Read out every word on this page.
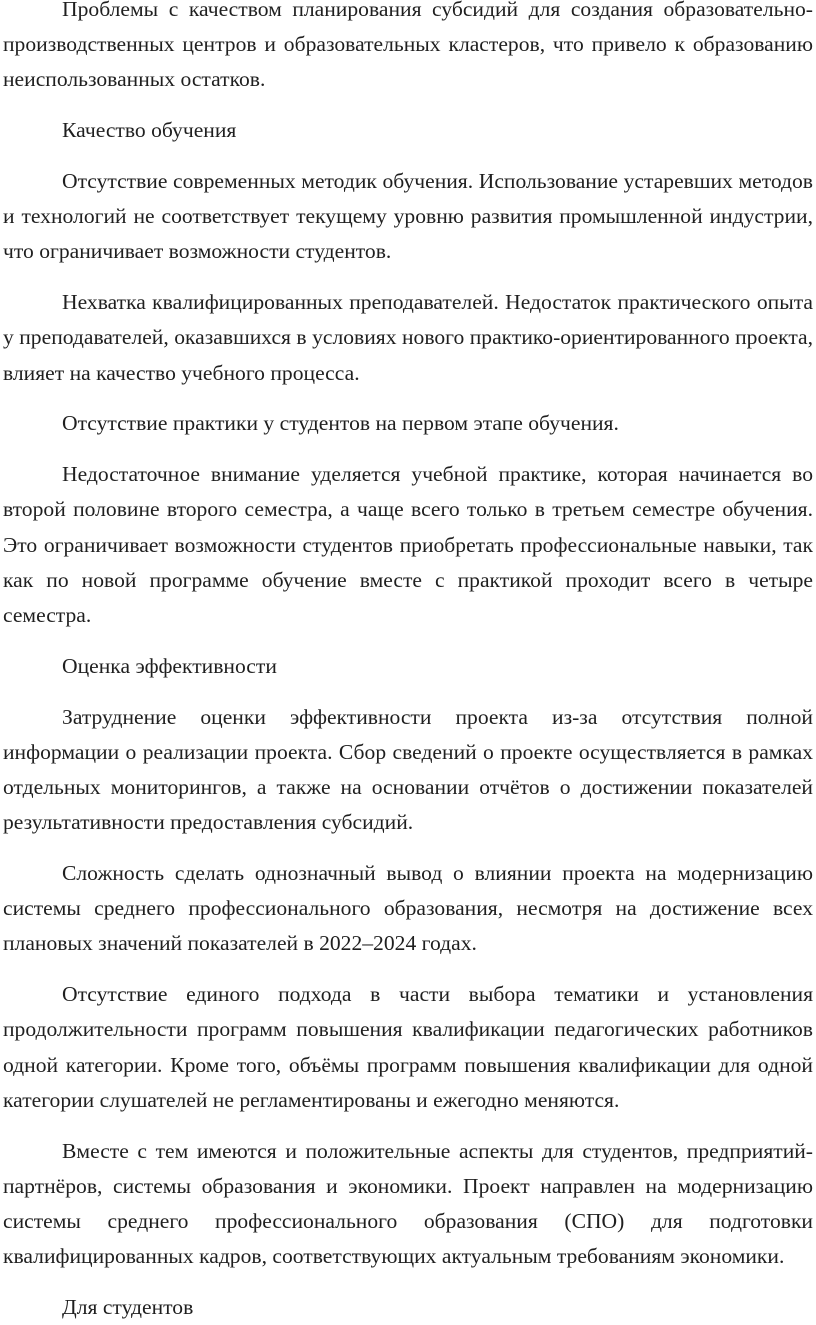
Проблемы с качеством планирования субсидий для создания образовательно-производственных центров и образовательных кластеров, что привело к образованию неиспользованных остатков.

Качество обучения

Отсутствие современных методик обучения. Использование устаревших методов и технологий не соответствует текущему уровню развития промышленной индустрии, что ограничивает возможности студентов.

Нехватка квалифицированных преподавателей. Недостаток практического опыта у преподавателей, оказавшихся в условиях нового практико-ориентированного проекта, влияет на качество учебного процесса.

Отсутствие практики у студентов на первом этапе обучения.

Недостаточное внимание уделяется учебной практике, которая начинается во второй половине второго семестра, а чаще всего только в третьем семестре обучения. Это ограничивает возможности студентов приобретать профессиональные навыки, так как по новой программе обучение вместе с практикой проходит всего в четыре семестра.

Оценка эффективности

Затруднение оценки эффективности проекта из-за отсутствия полной информации о реализации проекта. Сбор сведений о проекте осуществляется в рамках отдельных мониторингов, а также на основании отчётов о достижении показателей результативности предоставления субсидий.

Сложность сделать однозначный вывод о влиянии проекта на модернизацию системы среднего профессионального образования, несмотря на достижение всех плановых значений показателей в 2022–2024 годах.

Отсутствие единого подхода в части выбора тематики и установления продолжительности программ повышения квалификации педагогических работников одной категории. Кроме того, объёмы программ повышения квалификации для одной категории слушателей не регламентированы и ежегодно меняются.

Вместе с тем имеются и положительные аспекты для студентов, предприятий-партнёров, системы образования и экономики. Проект направлен на модернизацию системы среднего профессионального образования (СПО) для подготовки квалифицированных кадров, соответствующих актуальным требованиям экономики.

Для студентов
